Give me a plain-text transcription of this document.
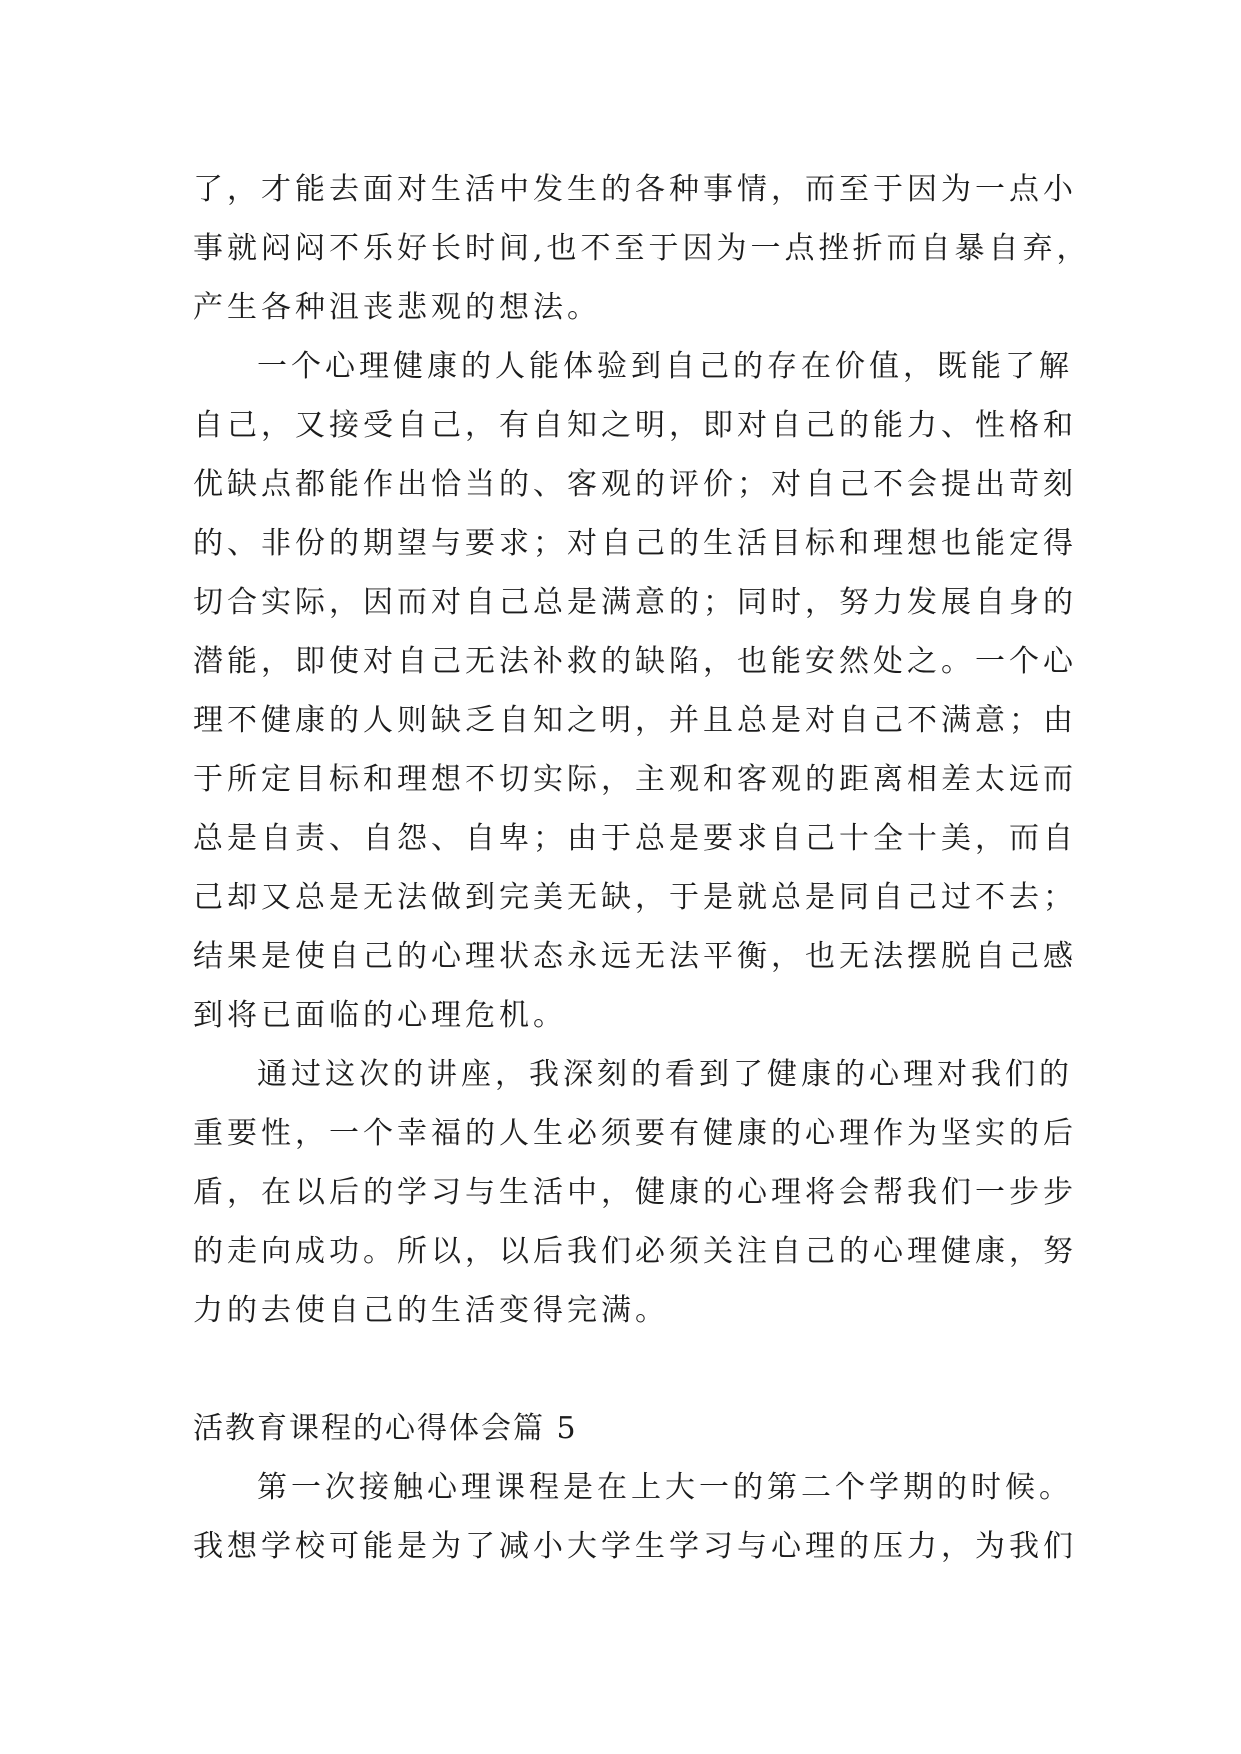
了，才能去面对生活中发生的各种事情，而至于因为一点小
事就闷闷不乐好长时间,也不至于因为一点挫折而自暴自弃，
产生各种沮丧悲观的想法。
一个心理健康的人能体验到自己的存在价值，既能了解
自己，又接受自己，有自知之明，即对自己的能力、性格和
优缺点都能作出恰当的、客观的评价；对自己不会提出苛刻
的、非份的期望与要求；对自己的生活目标和理想也能定得
切合实际，因而对自己总是满意的；同时，努力发展自身的
潜能，即使对自己无法补救的缺陷，也能安然处之。一个心
理不健康的人则缺乏自知之明，并且总是对自己不满意；由
于所定目标和理想不切实际，主观和客观的距离相差太远而
总是自责、自怨、自卑；由于总是要求自己十全十美，而自
己却又总是无法做到完美无缺，于是就总是同自己过不去；
结果是使自己的心理状态永远无法平衡，也无法摆脱自己感
到将已面临的心理危机。
通过这次的讲座，我深刻的看到了健康的心理对我们的
重要性，一个幸福的人生必须要有健康的心理作为坚实的后
盾，在以后的学习与生活中，健康的心理将会帮我们一步步
的走向成功。所以，以后我们必须关注自己的心理健康，努
力的去使自己的生活变得完满。
活教育课程的心得体会篇 5
第一次接触心理课程是在上大一的第二个学期的时候。
我想学校可能是为了减小大学生学习与心理的压力，为我们
